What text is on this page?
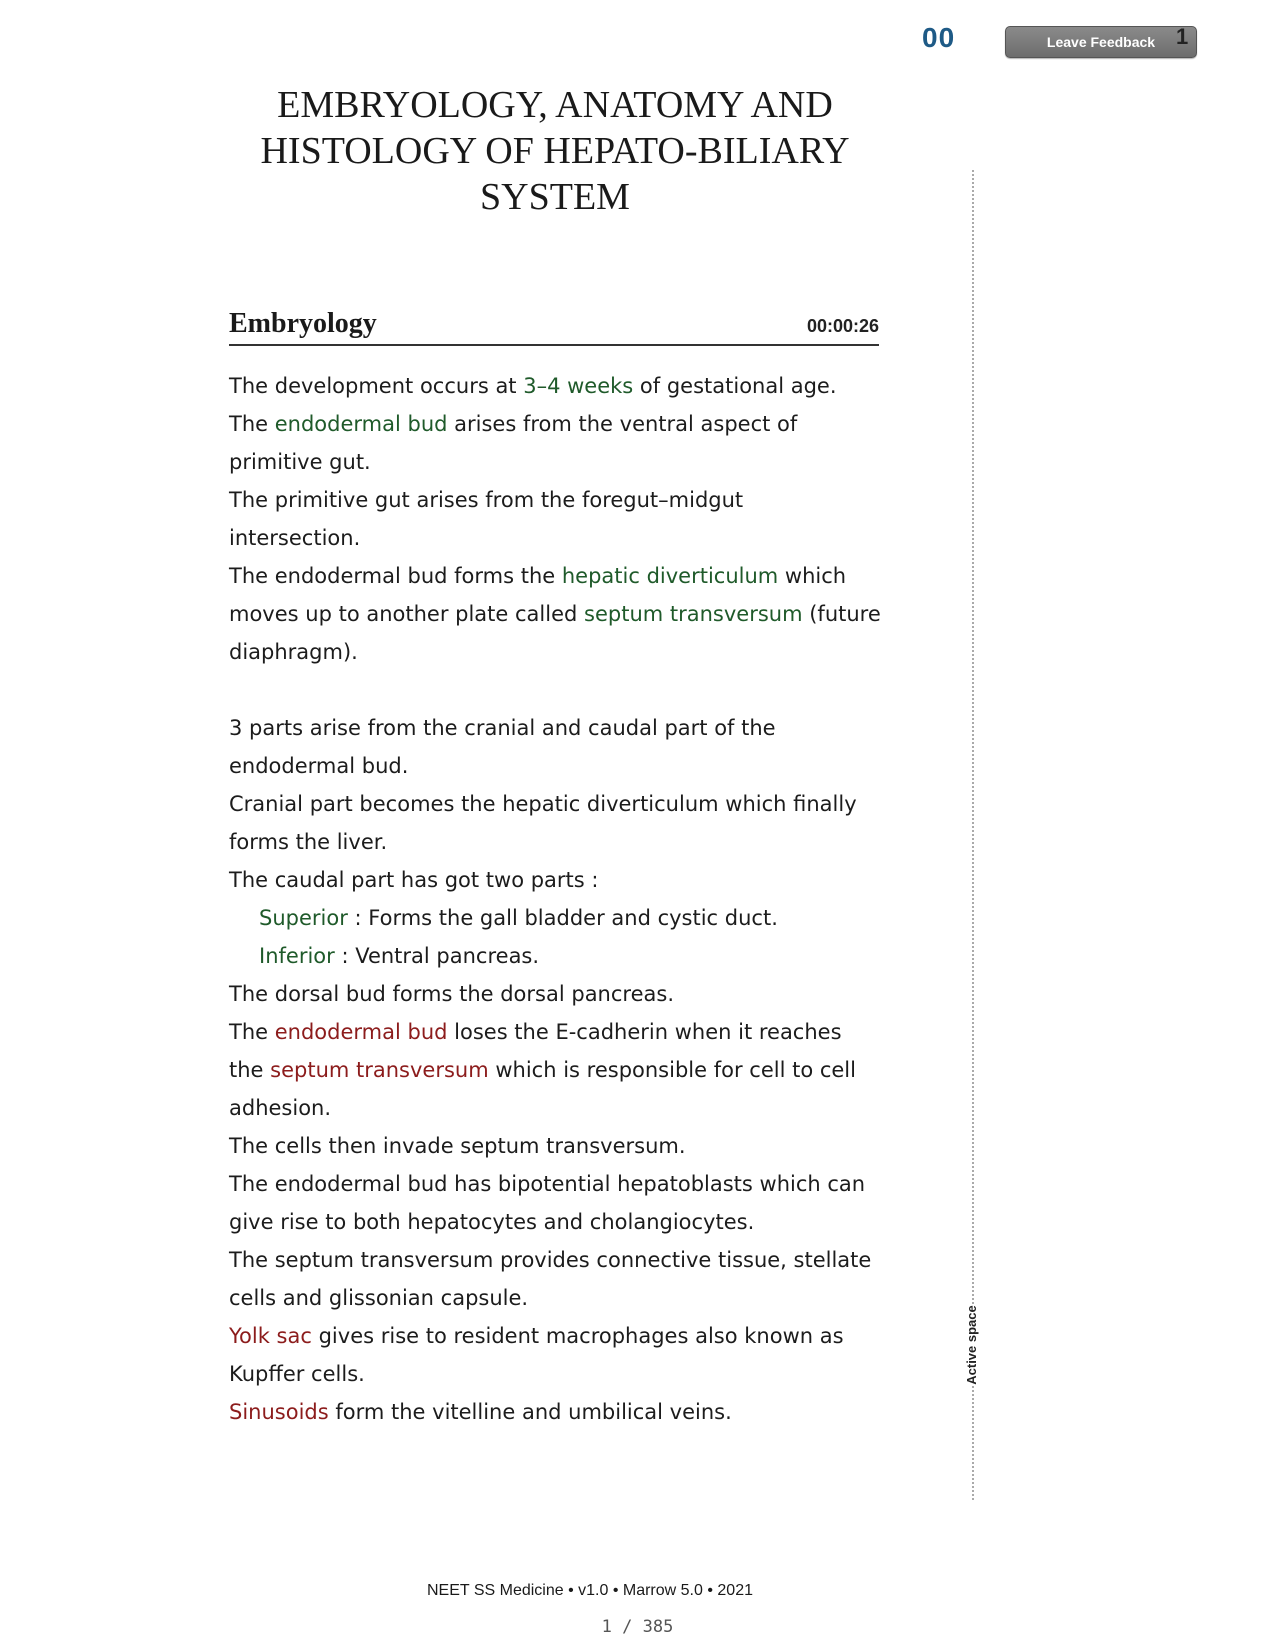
00	Leave Feedback 1
EMBRYOLOGY, ANATOMY AND
HISTOLOGY OF HEPATO-BILIARY
SYSTEM
Embryology	00:00:26
The development occurs at 3–4 weeks of gestational age.
The endodermal bud arises from the ventral aspect of
primitive gut.
The primitive gut arises from the foregut–midgut
intersection.
The endodermal bud forms the hepatic diverticulum which
moves up to another plate called septum transversum (future
diaphragm).
3 parts arise from the cranial and caudal part of the
endodermal bud.
Cranial part becomes the hepatic diverticulum which finally
forms the liver.
The caudal part has got two parts :
Superior : Forms the gall bladder and cystic duct.
Inferior : Ventral pancreas.
The dorsal bud forms the dorsal pancreas.
The endodermal bud loses the E-cadherin when it reaches
the septum transversum which is responsible for cell to cell
adhesion.
The cells then invade septum transversum.
The endodermal bud has bipotential hepatoblasts which can
give rise to both hepatocytes and cholangiocytes.
The septum transversum provides connective tissue, stellate
cells and glissonian capsule.
Yolk sac gives rise to resident macrophages also known as
Kupffer cells.
Sinusoids form the vitelline and umbilical veins.
Active space
NEET SS Medicine • v1.0 • Marrow 5.0 • 2021
1 / 385
